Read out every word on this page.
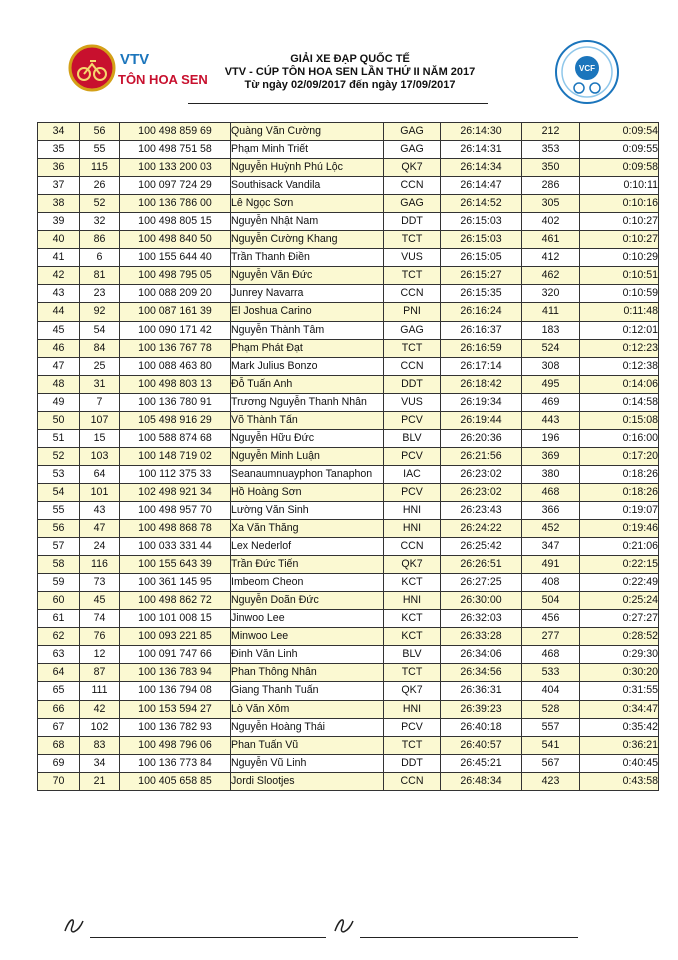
VTV
TÔN HOA SEN
GIẢI XE ĐẠP QUỐC TẾ
VTV - CÚP TÔN HOA SEN LẦN THỨ II NĂM 2017
Từ ngày 02/09/2017 đến ngày 17/09/2017
VCF
34	56	100 498 859 69	Quàng Văn Cường	GAG	26:14:30	212	0:09:54
35	55	100 498 751 58	Phạm Minh Triết	GAG	26:14:31	353	0:09:55
36	115	100 133 200 03	Nguyễn Huỳnh Phú Lộc	QK7	26:14:34	350	0:09:58
37	26	100 097 724 29	Southisack Vandila	CCN	26:14:47	286	0:10:11
38	52	100 136 786 00	Lê Ngọc Sơn	GAG	26:14:52	305	0:10:16
39	32	100 498 805 15	Nguyễn Nhật Nam	DDT	26:15:03	402	0:10:27
40	86	100 498 840 50	Nguyễn Cường Khang	TCT	26:15:03	461	0:10:27
41	6	100 155 644 40	Trần Thanh Điền	VUS	26:15:05	412	0:10:29
42	81	100 498 795 05	Nguyễn Văn Đức	TCT	26:15:27	462	0:10:51
43	23	100 088 209 20	Junrey Navarra	CCN	26:15:35	320	0:10:59
44	92	100 087 161 39	El Joshua Carino	PNI	26:16:24	411	0:11:48
45	54	100 090 171 42	Nguyễn Thành Tâm	GAG	26:16:37	183	0:12:01
46	84	100 136 767 78	Phạm Phát Đạt	TCT	26:16:59	524	0:12:23
47	25	100 088 463 80	Mark Julius Bonzo	CCN	26:17:14	308	0:12:38
48	31	100 498 803 13	Đỗ Tuấn Anh	DDT	26:18:42	495	0:14:06
49	7	100 136 780 91	Trương Nguyễn Thanh Nhân	VUS	26:19:34	469	0:14:58
50	107	105 498 916 29	Võ Thành Tấn	PCV	26:19:44	443	0:15:08
51	15	100 588 874 68	Nguyễn Hữu Đức	BLV	26:20:36	196	0:16:00
52	103	100 148 719 02	Nguyễn Minh Luận	PCV	26:21:56	369	0:17:20
53	64	100 112 375 33	Seanaumnuayphon Tanaphon	IAC	26:23:02	380	0:18:26
54	101	102 498 921 34	Hồ Hoàng Sơn	PCV	26:23:02	468	0:18:26
55	43	100 498 957 70	Lường Văn Sinh	HNI	26:23:43	366	0:19:07
56	47	100 498 868 78	Xa Văn Thăng	HNI	26:24:22	452	0:19:46
57	24	100 033 331 44	Lex Nederlof	CCN	26:25:42	347	0:21:06
58	116	100 155 643 39	Trần Đức Tiến	QK7	26:26:51	491	0:22:15
59	73	100 361 145 95	Imbeom Cheon	KCT	26:27:25	408	0:22:49
60	45	100 498 862 72	Nguyễn Doãn Đức	HNI	26:30:00	504	0:25:24
61	74	100 101 008 15	Jinwoo Lee	KCT	26:32:03	456	0:27:27
62	76	100 093 221 85	Minwoo Lee	KCT	26:33:28	277	0:28:52
63	12	100 091 747 66	Đinh Văn Linh	BLV	26:34:06	468	0:29:30
64	87	100 136 783 94	Phan Thông Nhân	TCT	26:34:56	533	0:30:20
65	111	100 136 794 08	Giang Thanh Tuấn	QK7	26:36:31	404	0:31:55
66	42	100 153 594 27	Lò Văn Xôm	HNI	26:39:23	528	0:34:47
67	102	100 136 782 93	Nguyễn Hoàng Thái	PCV	26:40:18	557	0:35:42
68	83	100 498 796 06	Phan Tuấn Vũ	TCT	26:40:57	541	0:36:21
69	34	100 136 773 84	Nguyễn Vũ Linh	DDT	26:45:21	567	0:40:45
70	21	100 405 658 85	Jordi Slootjes	CCN	26:48:34	423	0:43:58
